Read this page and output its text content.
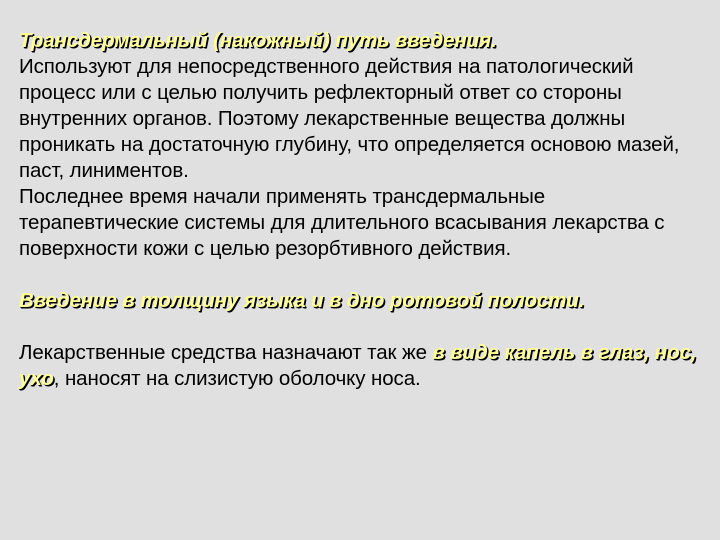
Трансдермальный (накожный) путь введения.

Используют для непосредственного действия на патологический процесс или с целью получить рефлекторный ответ со стороны внутренних органов. Поэтому лекарственные вещества должны проникать на достаточную глубину, что определяется основою мазей, паст, линиментов.

Последнее время начали применять трансдермальные терапевтические системы для длительного всасывания лекарства с поверхности кожи с целью резорбтивного действия.

Введение в толщину языка и в дно ротовой полости.

Лекарственные средства назначают так же в виде капель в глаз, нос, ухо, наносят на слизистую оболочку носа.
